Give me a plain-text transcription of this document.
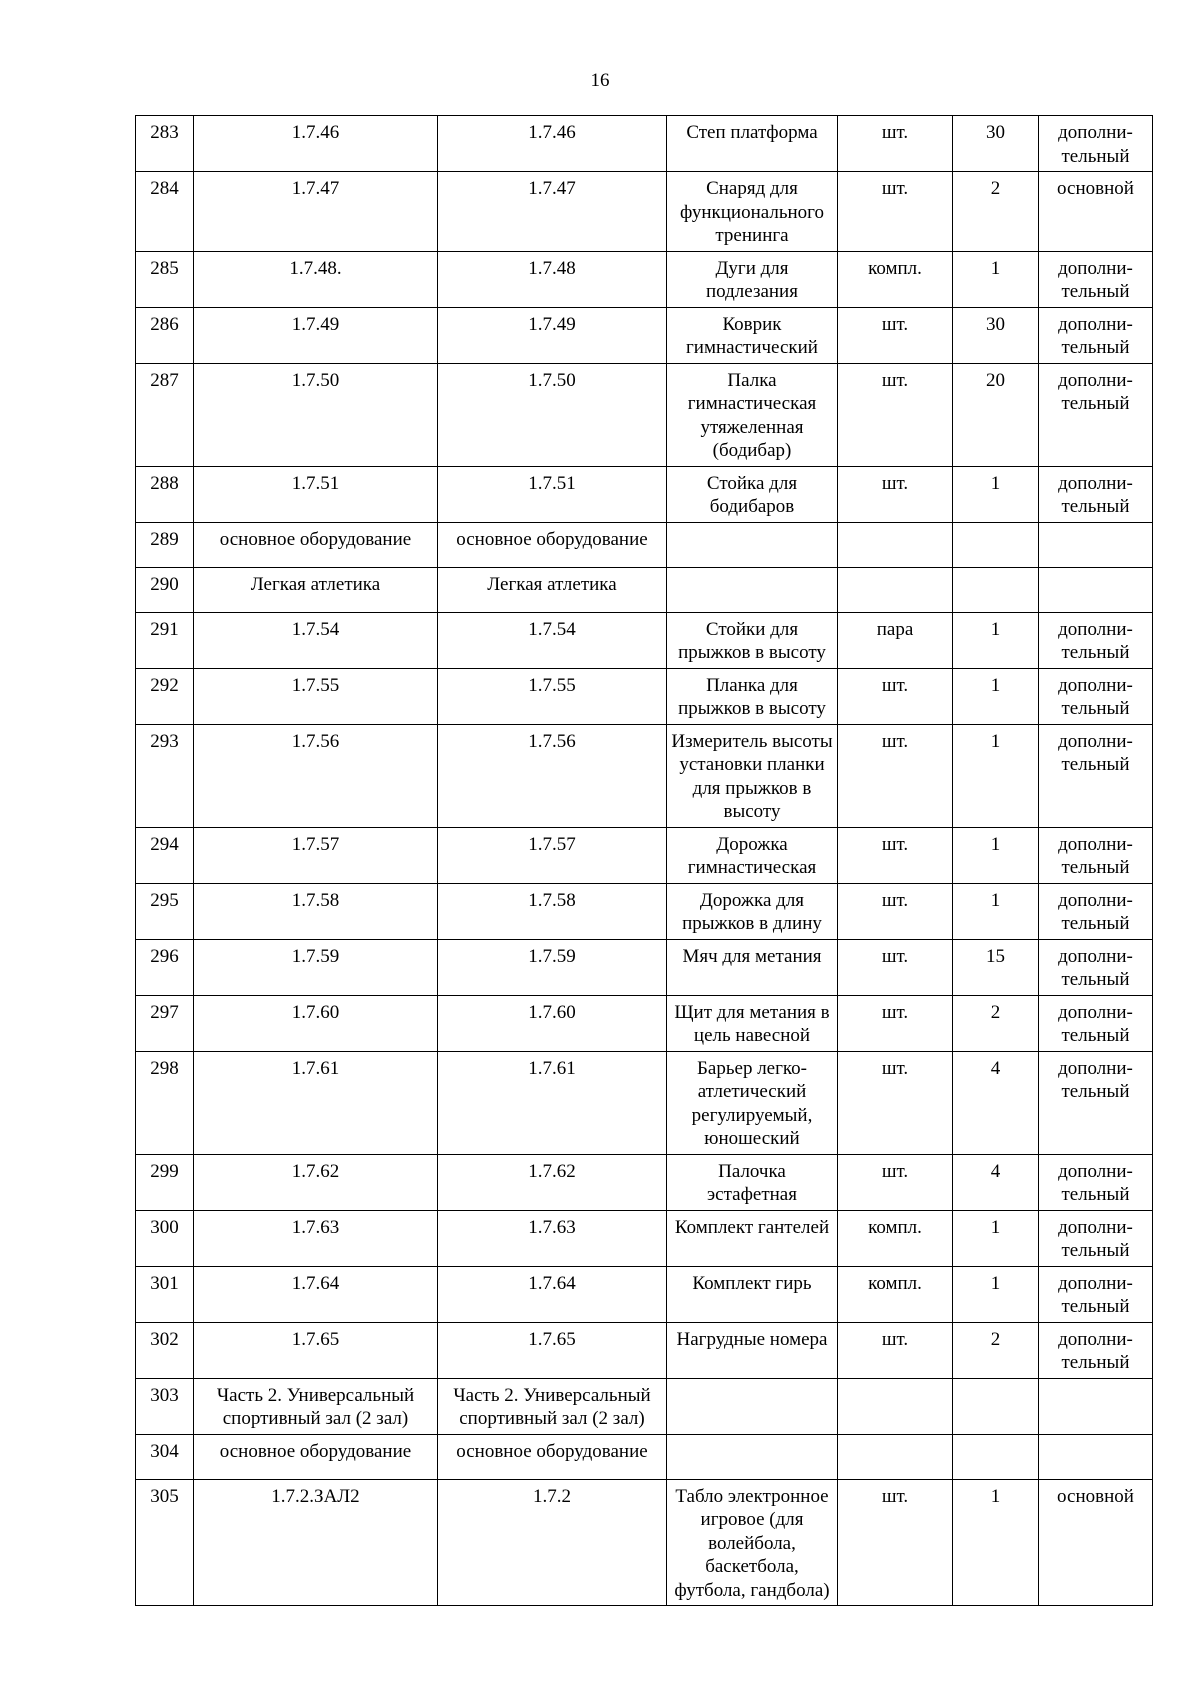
16
283	1.7.46	1.7.46	Степ платформа	шт.	30	дополни-
тельный
284	1.7.47	1.7.47	Снаряд для функционального тренинга	шт.	2	основной
285	1.7.48.	1.7.48	Дуги для подлезания	компл.	1	дополни-
тельный
286	1.7.49	1.7.49	Коврик гимнастический	шт.	30	дополни-
тельный
287	1.7.50	1.7.50	Палка гимнастическая утяжеленная (бодибар)	шт.	20	дополни-
тельный
288	1.7.51	1.7.51	Стойка для бодибаров	шт.	1	дополни-
тельный
289	основное оборудование	основное оборудование				
290	Легкая атлетика	Легкая атлетика				
291	1.7.54	1.7.54	Стойки для прыжков в высоту	пара	1	дополни-
тельный
292	1.7.55	1.7.55	Планка для прыжков в высоту	шт.	1	дополни-
тельный
293	1.7.56	1.7.56	Измеритель высоты установки планки для прыжков в высоту	шт.	1	дополни-
тельный
294	1.7.57	1.7.57	Дорожка гимнастическая	шт.	1	дополни-
тельный
295	1.7.58	1.7.58	Дорожка для прыжков в длину	шт.	1	дополни-
тельный
296	1.7.59	1.7.59	Мяч для метания	шт.	15	дополни-
тельный
297	1.7.60	1.7.60	Щит для метания в цель навесной	шт.	2	дополни-
тельный
298	1.7.61	1.7.61	Барьер легко-атлетический регулируемый, юношеский	шт.	4	дополни-
тельный
299	1.7.62	1.7.62	Палочка эстафетная	шт.	4	дополни-
тельный
300	1.7.63	1.7.63	Комплект гантелей	компл.	1	дополни-
тельный
301	1.7.64	1.7.64	Комплект гирь	компл.	1	дополни-
тельный
302	1.7.65	1.7.65	Нагрудные номера	шт.	2	дополни-
тельный
303	Часть 2. Универсальный спортивный зал (2 зал)	Часть 2. Универсальный спортивный зал (2 зал)				
304	основное оборудование	основное оборудование				
305	1.7.2.ЗАЛ2	1.7.2	Табло электронное игровое (для волейбола, баскетбола, футбола, гандбола)	шт.	1	основной
